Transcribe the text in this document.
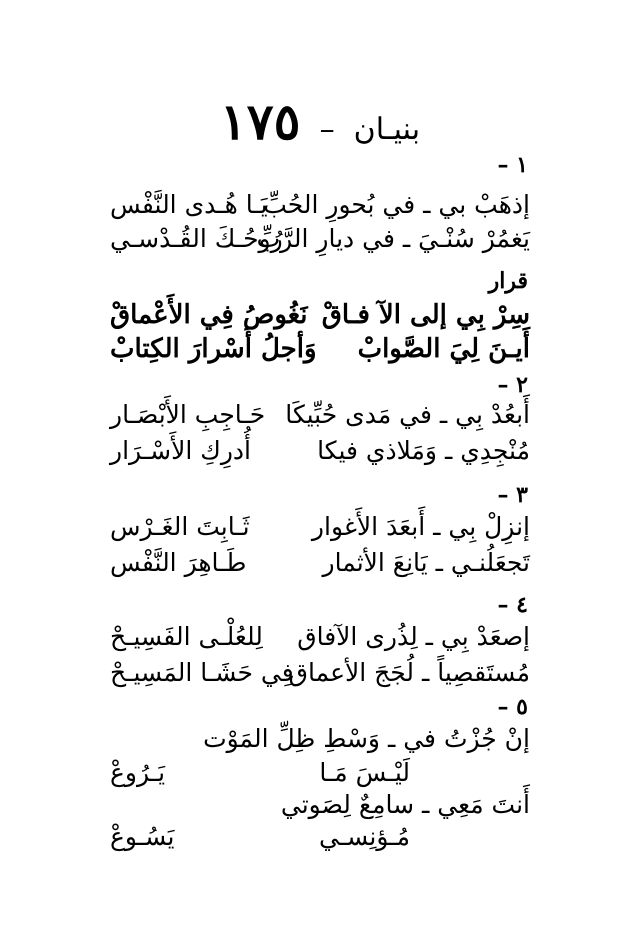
بنيـان – ١٧٥
١ –
إذهَبْ بي ـ في بُحورِ الحُبِّ
يَـا هُـدى النَّفْس
يَغمُرْ سُنْـيَ ـ في ديارِ الرَّبِّ
رُوحُـكَ القُـدْسـي
قرار
سِرْ بِي إلى الآ فـاقْ
نَغُوصُ فِي الأَعْماقْ
أَيـنَ لِيَ الصَّوابْ
وَأجلُ أَسْرارَ الكِتابْ
٢ –
أَبعُدْ بِي ـ في مَدى حُبِّيكَا
حَـاجِبِ الأَبْصَـار
مُنْجِدِي ـ وَمَلاذي فيكا
أُدرِكِ الأَسْـرَار
٣ –
إنزِلْ بِي ـ أَبعَدَ الأَغوار
ثَـابِتَ الغَـرْس
تَجعَلُنـي ـ يَانِعَ الأثمار
طَـاهِرَ النَّفْس
٤ –
إصعَدْ بِي ـ لِذُرى الآفاق
لِلعُلْـى الفَسِيـحْ
مُستَقصِياً ـ لُجَجَ الأعماق
فِي حَشَـا المَسِيـحْ
٥ –
إنْ جُزْتُ في ـ وَسْطِ ظِلِّ المَوْت
لَيْـسَ مَـا
يَـرُوعْ
أَنتَ مَعِي ـ سامِعٌ لِصَوتي
مُـؤنِسـي
يَسُـوعْ
